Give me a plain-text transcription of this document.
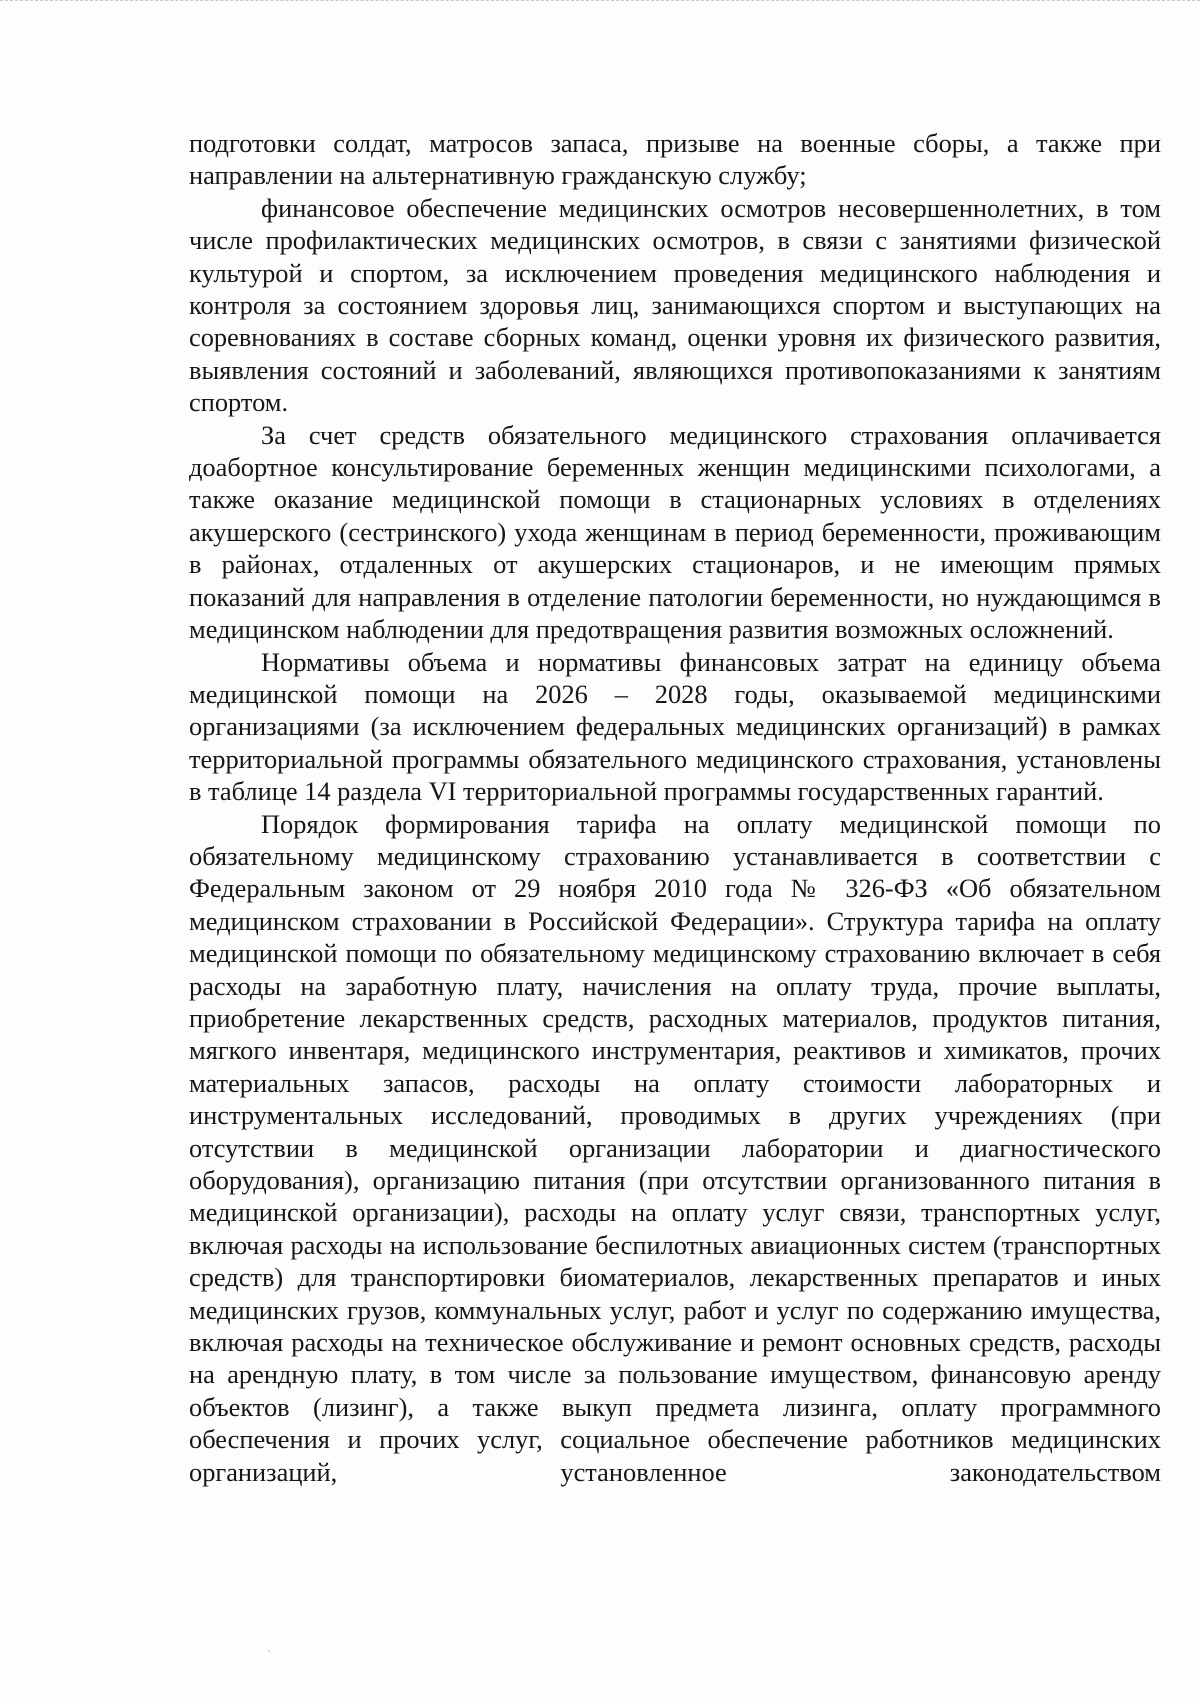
подготовки солдат, матросов запаса, призыве на военные сборы, а также при направлении на альтернативную гражданскую службу;

финансовое обеспечение медицинских осмотров несовершеннолетних, в том числе профилактических медицинских осмотров, в связи с занятиями физической культурой и спортом, за исключением проведения медицинского наблюдения и контроля за состоянием здоровья лиц, занимающихся спортом и выступающих на соревнованиях в составе сборных команд, оценки уровня их физического развития, выявления состояний и заболеваний, являющихся противопоказаниями к занятиям спортом.

За счет средств обязательного медицинского страхования оплачивается доабортное консультирование беременных женщин медицинскими психологами, а также оказание медицинской помощи в стационарных условиях в отделениях акушерского (сестринского) ухода женщинам в период беременности, проживающим в районах, отдаленных от акушерских стационаров, и не имеющим прямых показаний для направления в отделение патологии беременности, но нуждающимся в медицинском наблюдении для предотвращения развития возможных осложнений.

Нормативы объема и нормативы финансовых затрат на единицу объема медицинской помощи на 2026 – 2028 годы, оказываемой медицинскими организациями (за исключением федеральных медицинских организаций) в рамках территориальной программы обязательного медицинского страхования, установлены в таблице 14 раздела VI территориальной программы государственных гарантий.

Порядок формирования тарифа на оплату медицинской помощи по обязательному медицинскому страхованию устанавливается в соответствии с Федеральным законом от 29 ноября 2010 года № 326-ФЗ «Об обязательном медицинском страховании в Российской Федерации». Структура тарифа на оплату медицинской помощи по обязательному медицинскому страхованию включает в себя расходы на заработную плату, начисления на оплату труда, прочие выплаты, приобретение лекарственных средств, расходных материалов, продуктов питания, мягкого инвентаря, медицинского инструментария, реактивов и химикатов, прочих материальных запасов, расходы на оплату стоимости лабораторных и инструментальных исследований, проводимых в других учреждениях (при отсутствии в медицинской организации лаборатории и диагностического оборудования), организацию питания (при отсутствии организованного питания в медицинской организации), расходы на оплату услуг связи, транспортных услуг, включая расходы на использование беспилотных авиационных систем (транспортных средств) для транспортировки биоматериалов, лекарственных препаратов и иных медицинских грузов, коммунальных услуг, работ и услуг по содержанию имущества, включая расходы на техническое обслуживание и ремонт основных средств, расходы на арендную плату, в том числе за пользование имуществом, финансовую аренду объектов (лизинг), а также выкуп предмета лизинга, оплату программного обеспечения и прочих услуг, социальное обеспечение работников медицинских организаций, установленное законодательством
